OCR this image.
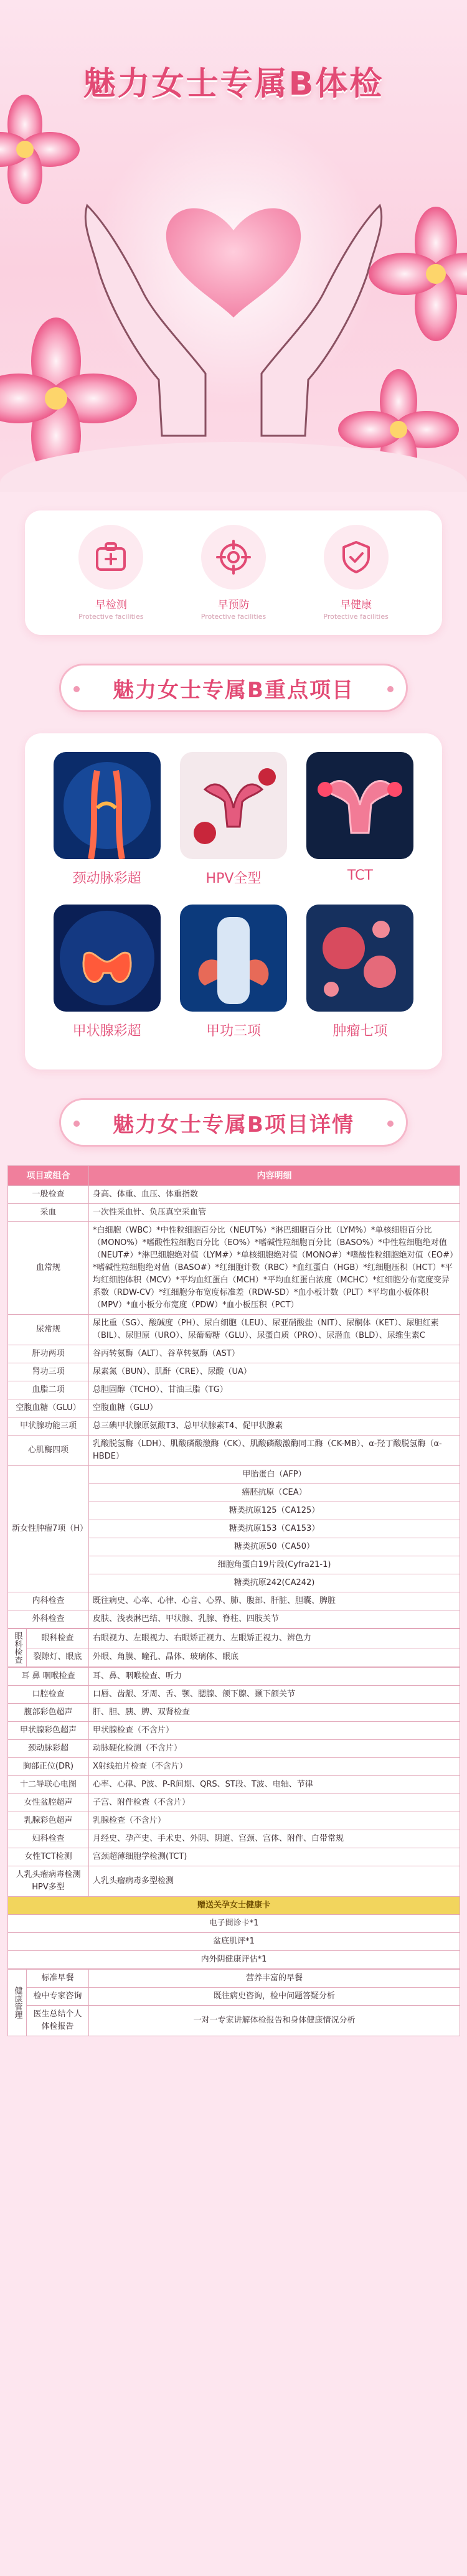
魅力女士专属B体检
早检测
Protective facilities
早预防
Protective facilities
早健康
Protective facilities
魅力女士专属B重点项目
颈动脉彩超	HPV全型	TCT
甲状腺彩超	甲功三项	肿瘤七项
魅力女士专属B项目详情
项目或组合	内容明细
一般检查	身高、体重、血压、体重指数
采血	一次性采血针、负压真空采血管
血常规	*白细胞（WBC）*中性粒细胞百分比（NEUT%）*淋巴细胞百分比（LYM%）*单核细胞百分比（MONO%）*嗜酸性粒细胞百分比（EO%）*嗜碱性粒细胞百分比（BASO%）*中性粒细胞绝对值（NEUT#）*淋巴细胞绝对值（LYM#）*单核细胞绝对值（MONO#）*嗜酸性粒细胞绝对值（EO#）*嗜碱性粒细胞绝对值（BASO#）*红细胞计数（RBC）*血红蛋白（HGB）*红细胞压积（HCT）*平均红细胞体积（MCV）*平均血红蛋白（MCH）*平均血红蛋白浓度（MCHC）*红细胞分布宽度变异系数（RDW-CV）*红细胞分布宽度标准差（RDW-SD）*血小板计数（PLT）*平均血小板体积（MPV）*血小板分布宽度（PDW）*血小板压积（PCT）
尿常规	尿比重（SG）、酸碱度（PH）、尿白细胞（LEU）、尿亚硝酸盐（NIT）、尿酮体（KET）、尿胆红素（BIL）、尿胆原（URO）、尿葡萄糖（GLU）、尿蛋白质（PRO）、尿潜血（BLD）、尿维生素C
肝功两项	谷丙转氨酶（ALT）、谷草转氨酶（AST）
肾功三项	尿素氮（BUN）、肌酐（CRE）、尿酸（UA）
血脂二项	总胆固醇（TCHO）、甘油三脂（TG）
空腹血糖（GLU）	空腹血糖（GLU）
甲状腺功能三项	总三碘甲状腺原氨酸T3、总甲状腺素T4、促甲状腺素
心肌酶四项	乳酸脱氢酶（LDH）、肌酸磷酸激酶（CK）、肌酸磷酸激酶同工酶（CK-MB）、α-羟丁酸脱氢酶（α-HBDE）
新女性肿瘤7项（H）	甲胎蛋白（AFP）
	癌胚抗原（CEA）
	糖类抗原125（CA125）
	糖类抗原153（CA153）
	糖类抗原50（CA50）
	细胞角蛋白19片段(Cyfra21-1)
	糖类抗原242(CA242)
内科检查	既往病史、心率、心律、心音、心界、肺、腹部、肝脏、胆囊、脾脏
外科检查	皮肤、浅表淋巴结、甲状腺、乳腺、脊柱、四肢关节
眼科检查	眼科检查	右眼视力、左眼视力、右眼矫正视力、左眼矫正视力、辨色力
	裂隙灯、眼底	外眼、角膜、瞳孔、晶体、玻璃体、眼底
耳 鼻 咽喉检查	耳、鼻、咽喉检查、听力
口腔检查	口唇、齿龈、牙周、舌、颚、腮腺、颌下腺、颞下颌关节
腹部彩色超声	肝、胆、胰、脾、双肾检查
甲状腺彩色超声	甲状腺检查（不含片）
颈动脉彩超	动脉硬化检测（不含片）
胸部正位(DR)	X射线拍片检查（不含片）
十二导联心电图	心率、心律、P波、P-R间期、QRS、ST段、T波、电轴、节律
女性盆腔超声	子宫、附件检查（不含片）
乳腺彩色超声	乳腺检查（不含片）
妇科检查	月经史、孕产史、手术史、外阴、阴道、宫颈、宫体、附件、白带常规
女性TCT检测	宫颈超薄细胞学检测(TCT)
人乳头瘤病毒检测HPV多型	人乳头瘤病毒多型检测
赠送关孕女士健康卡	
电子問诊卡*1	
盆底肌评*1	
内外阴健康评估*1	
健康管理	标准早餐	营养丰富的早餐
	检中专家咨询	既往病史咨询，检中问题答疑分析
	医生总结个人体检报告	一对一专家讲解体检报告和身体健康情况分析
